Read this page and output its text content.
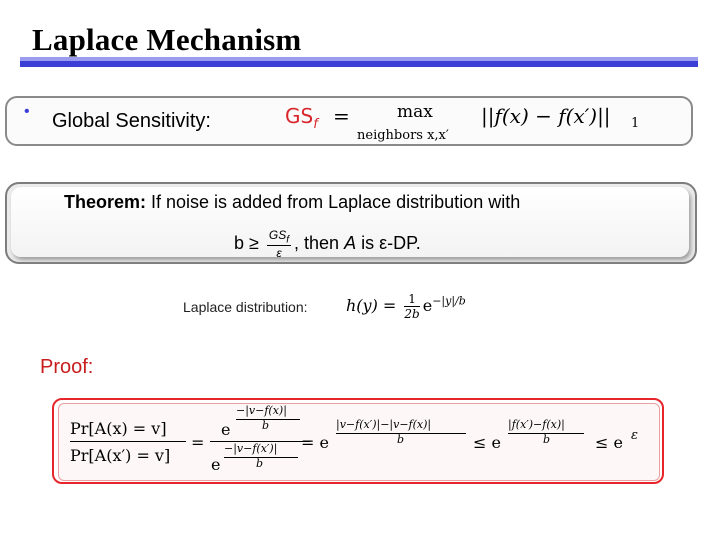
Laplace Mechanism
• Global Sensitivity:	$GS_f$ =	max
neighbors x,x′
||f(x) − f(x′)|| 1
Theorem: If noise is added from Laplace distribution with
$b \ge \frac{GS_f}{\varepsilon}$ , then A is ε-DP.
Laplace distribution: $h(y) = \frac{1}{2b} e^{-|y|/b}$
Proof:
Pr[A(x) = v]
Pr[A(x′) = v]
=
e
−|v−f(x)|
b
e
−|v−f(x′)|
b
= e
|v−f(x′)|−|v−f(x)|
b	≤ e
|f(x′)−f(x)|
b	≤ e ε
